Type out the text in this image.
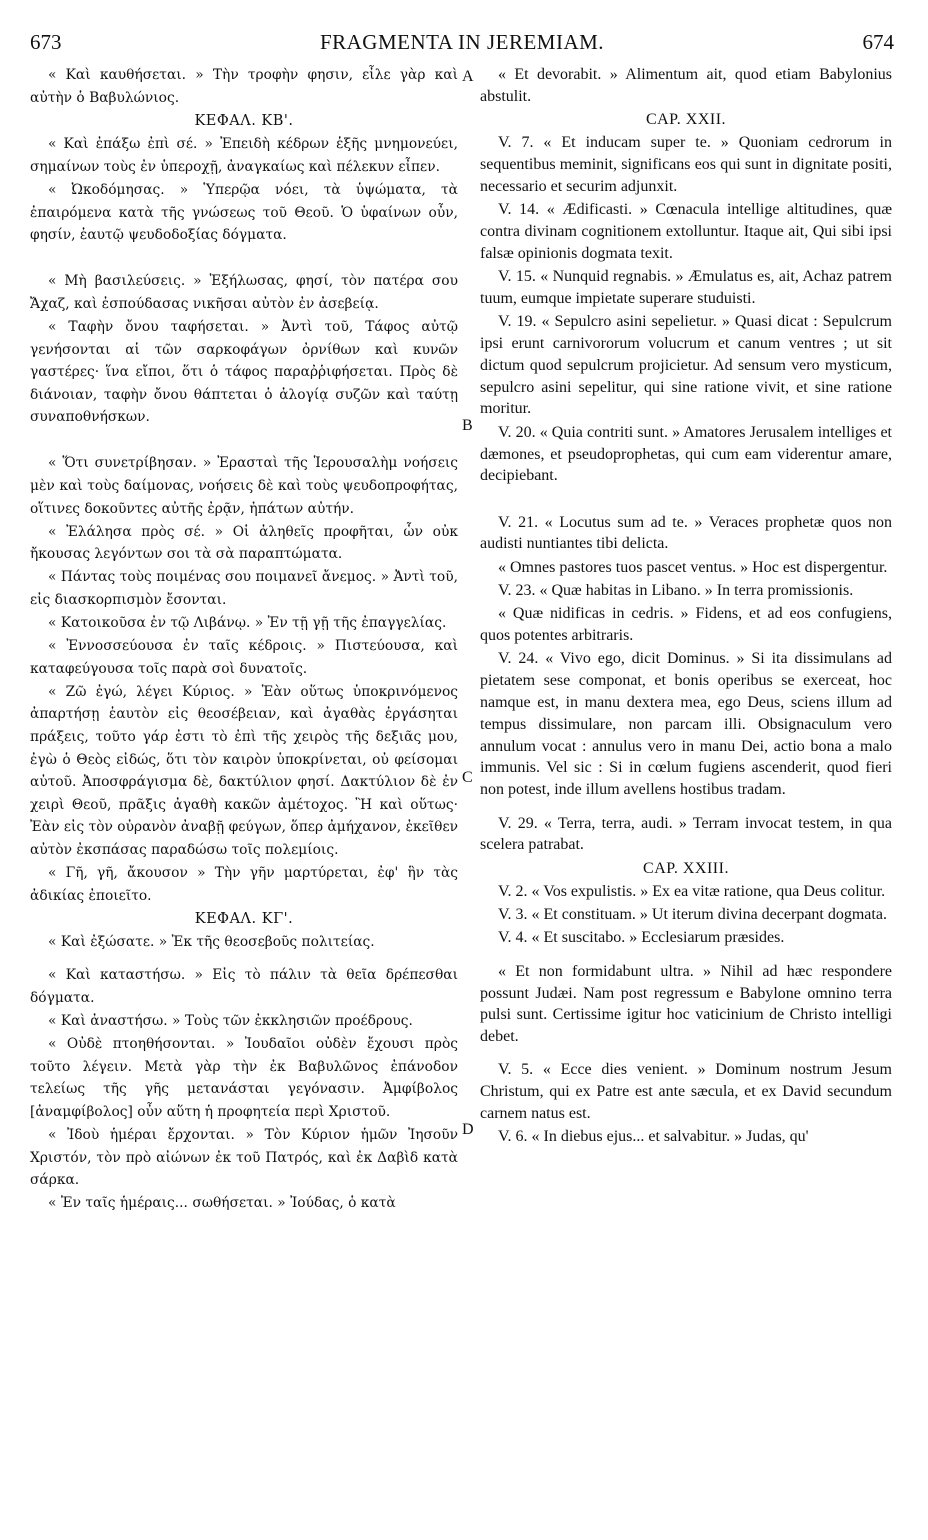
673	FRAGMENTA IN JEREMIAM.	674
A
B
C
D

« Καὶ καυθήσεται. » Τὴν τροφὴν φησιν, εἶλε γὰρ καὶ αὐτὴν ὁ Βαβυλώνιος.

ΚΕΦΑΛ. ΚΒ'.

« Καὶ ἐπάξω ἐπὶ σέ. » Ἐπειδὴ κέδρων ἑξῆς μνημονεύει, σημαίνων τοὺς ἐν ὑπεροχῇ, ἀναγκαίως καὶ πέλεκυν εἶπεν.

« Ὠκοδόμησας. » Ὑπερῷα νόει, τὰ ὑψώματα, τὰ ἐπαιρόμενα κατὰ τῆς γνώσεως τοῦ Θεοῦ. Ὁ ὑφαίνων οὖν, φησίν, ἑαυτῷ ψευδοδοξίας δόγματα.

« Μὴ βασιλεύσεις. » Ἐξήλωσας, φησί, τὸν πατέρα σου Ἄχαζ, καὶ ἐσπούδασας νικῆσαι αὐτὸν ἐν ἀσεβείᾳ.

« Ταφὴν ὄνου ταφήσεται. » Ἀντὶ τοῦ, Τάφος αὐτῷ γενήσονται αἱ τῶν σαρκοφάγων ὀρνίθων καὶ κυνῶν γαστέρες· ἵνα εἴποι, ὅτι ὁ τάφος παραῤῥιφήσεται. Πρὸς δὲ διάνοιαν, ταφὴν ὄνου θάπτεται ὁ ἀλογίᾳ συζῶν καὶ ταύτῃ συναποθνήσκων.

« Ὅτι συνετρίβησαν. » Ἐρασταὶ τῆς Ἱερουσαλὴμ νοήσεις μὲν καὶ τοὺς δαίμονας, νοήσεις δὲ καὶ τοὺς ψευδοπροφήτας, οἵτινες δοκοῦντες αὐτῆς ἐρᾷν, ἠπάτων αὐτήν.

« Ἐλάλησα πρὸς σέ. » Οἱ ἀληθεῖς προφῆται, ὧν οὐκ ἤκουσας λεγόντων σοι τὰ σὰ παραπτώματα.

« Πάντας τοὺς ποιμένας σου ποιμανεῖ ἄνεμος. » Ἀντὶ τοῦ, εἰς διασκορπισμὸν ἔσονται.

« Κατοικοῦσα ἐν τῷ Λιβάνῳ. » Ἐν τῇ γῇ τῆς ἐπαγγελίας.

« Ἐννοσσεύουσα ἐν ταῖς κέδροις. » Πιστεύουσα, καὶ καταφεύγουσα τοῖς παρὰ σοὶ δυνατοῖς.

« Ζῶ ἐγώ, λέγει Κύριος. » Ἐὰν οὕτως ὑποκρινόμενος ἀπαρτήσῃ ἑαυτὸν εἰς θεοσέβειαν, καὶ ἀγαθὰς ἐργάσηται πράξεις, τοῦτο γάρ ἐστι τὸ ἐπὶ τῆς χειρὸς τῆς δεξιᾶς μου, ἐγὼ ὁ Θεὸς εἰδώς, ὅτι τὸν καιρὸν ὑποκρίνεται, οὐ φείσομαι αὐτοῦ. Ἀποσφράγισμα δὲ, δακτύλιον φησί. Δακτύλιον δὲ ἐν χειρὶ Θεοῦ, πρᾶξις ἀγαθὴ κακῶν ἀμέτοχος. Ἢ καὶ οὕτως· Ἐὰν εἰς τὸν οὐρανὸν ἀναβῇ φεύγων, ὅπερ ἀμήχανον, ἐκεῖθεν αὐτὸν ἐκσπάσας παραδώσω τοῖς πολεμίοις.

« Γῆ, γῆ, ἄκουσον » Τὴν γῆν μαρτύρεται, ἐφ' ἣν τὰς ἀδικίας ἐποιεῖτο.

ΚΕΦΑΛ. ΚΓ'.

« Καὶ ἐξώσατε. » Ἐκ τῆς θεοσεβοῦς πολιτείας.

« Καὶ καταστήσω. » Εἰς τὸ πάλιν τὰ θεῖα δρέπεσθαι δόγματα.

« Καὶ ἀναστήσω. » Τοὺς τῶν ἐκκλησιῶν προέδρους.

« Οὐδὲ πτοηθήσονται. » Ἰουδαῖοι οὐδὲν ἔχουσι πρὸς τοῦτο λέγειν. Μετὰ γὰρ τὴν ἐκ Βαβυλῶνος ἐπάνοδον τελείως τῆς γῆς μετανάσται γεγόνασιν. Ἀμφίβολος [ἀναμφίβολος] οὖν αὕτη ἡ προφητεία περὶ Χριστοῦ.

« Ἰδοὺ ἡμέραι ἔρχονται. » Τὸν Κύριον ἡμῶν Ἰησοῦν Χριστόν, τὸν πρὸ αἰώνων ἐκ τοῦ Πατρός, καὶ ἐκ Δαβὶδ κατὰ σάρκα.

« Ἐν ταῖς ἡμέραις... σωθήσεται. » Ἰούδας, ὁ κατὰ

« Et devorabit. » Alimentum ait, quod etiam Babylonius abstulit.

CAP. XXII.

V. 7. « Et inducam super te. » Quoniam cedrorum in sequentibus meminit, significans eos qui sunt in dignitate positi, necessario et securim adjunxit.

V. 14. « Ædificasti. » Cœnacula intellige altitudines, quæ contra divinam cognitionem extolluntur. Itaque ait, Qui sibi ipsi falsæ opinionis dogmata texit.

V. 15. « Nunquid regnabis. » Æmulatus es, ait, Achaz patrem tuum, eumque impietate superare studuisti.

V. 19. « Sepulcro asini sepelietur. » Quasi dicat : Sepulcrum ipsi erunt carnivororum volucrum et canum ventres ; ut sit dictum quod sepulcrum projicietur. Ad sensum vero mysticum, sepulcro asini sepelitur, qui sine ratione vivit, et sine ratione moritur.

V. 20. « Quia contriti sunt. » Amatores Jerusalem intelliges et dæmones, et pseudoprophetas, qui cum eam viderentur amare, decipiebant.

V. 21. « Locutus sum ad te. » Veraces prophetæ quos non audisti nuntiantes tibi delicta.

« Omnes pastores tuos pascet ventus. » Hoc est dispergentur.

V. 23. « Quæ habitas in Libano. » In terra promissionis.

« Quæ nidificas in cedris. » Fidens, et ad eos confugiens, quos potentes arbitraris.

V. 24. « Vivo ego, dicit Dominus. » Si ita dissimulans ad pietatem sese componat, et bonis operibus se exerceat, hoc namque est, in manu dextera mea, ego Deus, sciens illum ad tempus dissimulare, non parcam illi. Obsignaculum vero annulum vocat : annulus vero in manu Dei, actio bona a malo immunis. Vel sic : Si in cœlum fugiens ascenderit, quod fieri non potest, inde illum avellens hostibus tradam.

V. 29. « Terra, terra, audi. » Terram invocat testem, in qua scelera patrabat.

CAP. XXIII.

V. 2. « Vos expulistis. » Ex ea vitæ ratione, qua Deus colitur.

V. 3. « Et constituam. » Ut iterum divina decerpant dogmata.

V. 4. « Et suscitabo. » Ecclesiarum præsides.

« Et non formidabunt ultra. » Nihil ad hæc respondere possunt Judæi. Nam post regressum e Babylone omnino terra pulsi sunt. Certissime igitur hoc vaticinium de Christo intelligi debet.

V. 5. « Ecce dies venient. » Dominum nostrum Jesum Christum, qui ex Patre est ante sæcula, et ex David secundum carnem natus est.

V. 6. « In diebus ejus... et salvabitur. » Judas, qu'
